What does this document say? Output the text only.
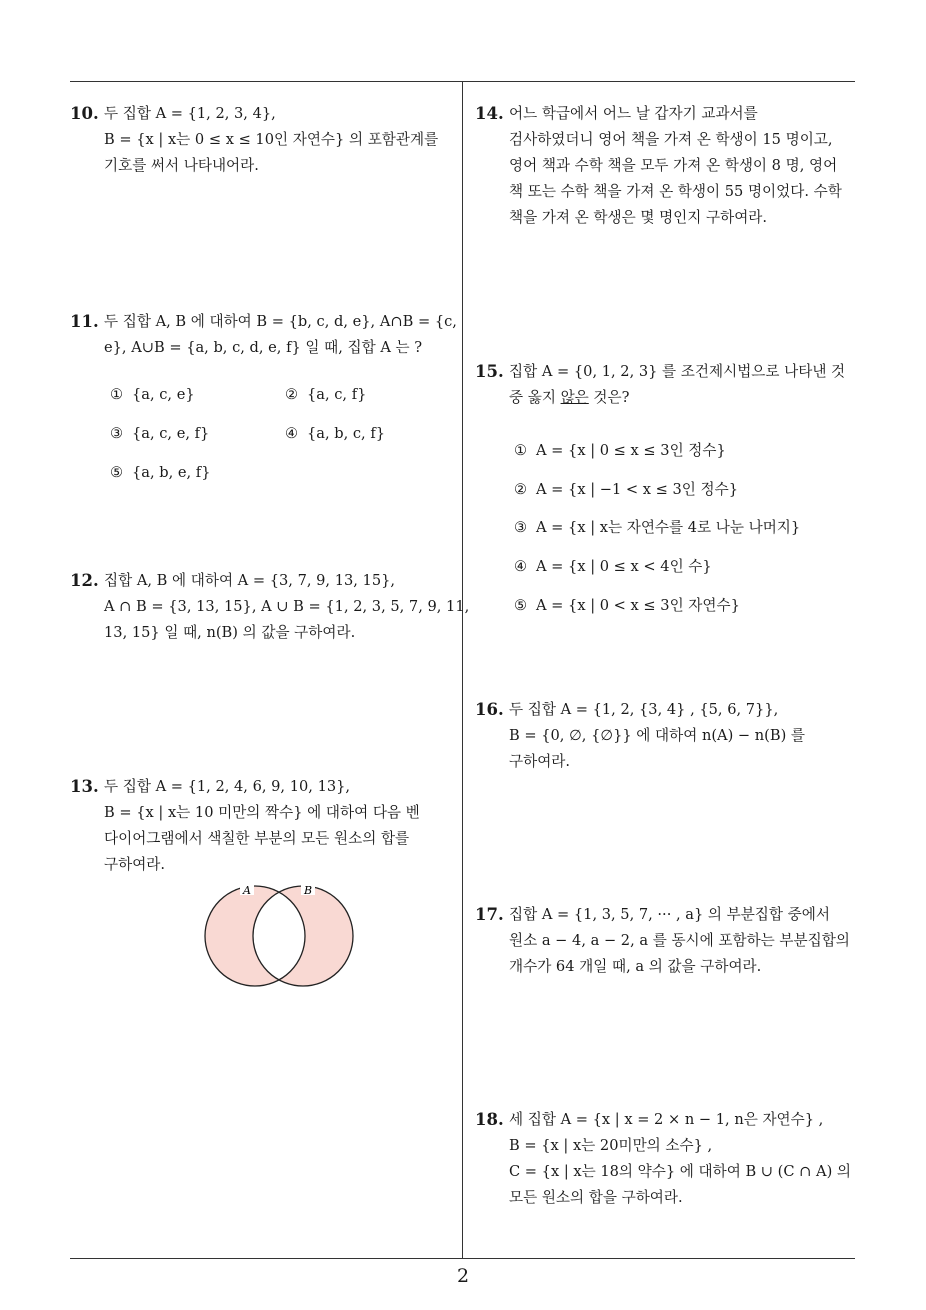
10. 두 집합 A = {1, 2, 3, 4},
B = {x | x는 0 ≤ x ≤ 10인 자연수} 의 포함관계를
기호를 써서 나타내어라.
11. 두 집합 A, B 에 대하여 B = {b, c, d, e}, A∩B = {c,
e}, A∪B = {a, b, c, d, e, f} 일 때, 집합 A 는 ?
① {a, c, e}	② {a, c, f}
③ {a, c, e, f}	④ {a, b, c, f}
⑤ {a, b, e, f}
12. 집합 A, B 에 대하여 A = {3, 7, 9, 13, 15},
A ∩ B = {3, 13, 15}, A ∪ B = {1, 2, 3, 5, 7, 9, 11,
13, 15} 일 때, n(B) 의 값을 구하여라.
13. 두 집합 A = {1, 2, 4, 6, 9, 10, 13},
B = {x | x는 10 미만의 짝수} 에 대하여 다음 벤
다이어그램에서 색칠한 부분의 모든 원소의 합를
구하여라.
A	B
14. 어느 학급에서 어느 날 갑자기 교과서를
검사하였더니 영어 책을 가져 온 학생이 15 명이고,
영어 책과 수학 책을 모두 가져 온 학생이 8 명, 영어
책 또는 수학 책을 가져 온 학생이 55 명이었다. 수학
책을 가져 온 학생은 몇 명인지 구하여라.
15. 집합 A = {0, 1, 2, 3} 를 조건제시법으로 나타낸 것
중 옳지 않은 것은?
① A = {x | 0 ≤ x ≤ 3인 정수}
② A = {x | −1 < x ≤ 3인 정수}
③ A = {x | x는 자연수를 4로 나눈 나머지}
④ A = {x | 0 ≤ x < 4인 수}
⑤ A = {x | 0 < x ≤ 3인 자연수}
16. 두 집합 A = {1, 2, {3, 4} , {5, 6, 7}},
B = {0, ∅, {∅}} 에 대하여 n(A) − n(B) 를
구하여라.
17. 집합 A = {1, 3, 5, 7, ··· , a} 의 부분집합 중에서
원소 a − 4, a − 2, a 를 동시에 포함하는 부분집합의
개수가 64 개일 때, a 의 값을 구하여라.
18. 세 집합 A = {x | x = 2 × n − 1, n은 자연수} ,
B = {x | x는 20미만의 소수} ,
C = {x | x는 18의 약수} 에 대하여 B ∪ (C ∩ A) 의
모든 원소의 합을 구하여라.
2
